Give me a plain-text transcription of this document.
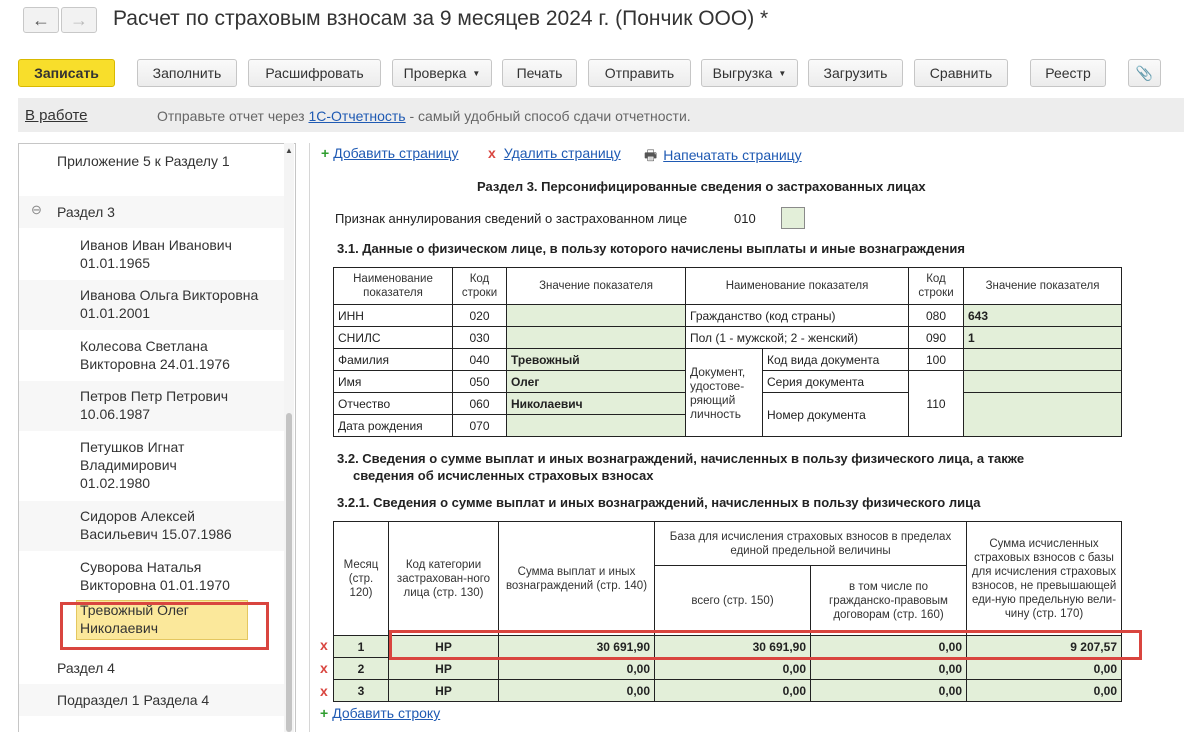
← → Расчет по страховым взносам за 9 месяцев 2024 г. (Пончик ООО) *
Записать	Заполнить	Расшифровать	Проверка ▼	Печать	Отправить	Выгрузка ▼	Загрузить	Сравнить	Реестр	📎
В работе	Отправьте отчет через 1С-Отчетность - самый удобный способ сдачи отчетности.
Приложение 5 к Разделу 1
⊖ Раздел 3
Иванов Иван Иванович 01.01.1965
Иванова Ольга Викторовна 01.01.2001
Колесова Светлана Викторовна 24.01.1976
Петров Петр Петрович 10.06.1987
Петушков Игнат Владимирович 01.02.1980
Сидоров Алексей Васильевич 15.07.1986
Суворова Наталья Викторовна 01.01.1970
Тревожный Олег Николаевич
Раздел 4
Подраздел 1 Раздела 4
▲ + Добавить страницу x Удалить страницу 🖶 Напечатать страницу
Раздел 3. Персонифицированные сведения о застрахованных лицах
Признак аннулирования сведений о застрахованном лице	010
3.1. Данные о физическом лице, в пользу которого начислены выплаты и иные вознаграждения
Наименование показателя	Код строки	Значение показателя	Наименование показателя		Код строки	Значение показателя
ИНН	020		Гражданство (код страны)		080	643
СНИЛС	030		Пол (1 - мужской; 2 - женский)		090	1
Фамилия	040	Тревожный	Документ, удостове-ряющий личность	Код вида документа	100	
Имя	050	Олег		Серия документа	110	
Отчество	060	Николаевич		Номер документа		
Дата рождения	070					
3.2. Сведения о сумме выплат и иных вознаграждений, начисленных в пользу физического лица, а также
сведения об исчисленных страховых взносах
3.2.1. Сведения о сумме выплат и иных вознаграждений, начисленных в пользу физического лица
Месяц (стр. 120)	Код категории застрахован-ного лица (стр. 130)	Сумма выплат и иных вознаграждений (стр. 140)	База для исчисления страховых взносов в пределах единой предельной величины		Сумма исчисленных страховых взносов с базы для исчисления страховых взносов, не превышающей еди-ную предельную вели-чину (стр. 170)
			всего (стр. 150)	в том числе по гражданско-правовым договорам (стр. 160)	
1	НР	30 691,90	30 691,90	0,00	9 207,57
2	НР	0,00	0,00	0,00	0,00
3	НР	0,00	0,00	0,00	0,00
x
x
x
+ Добавить строку
